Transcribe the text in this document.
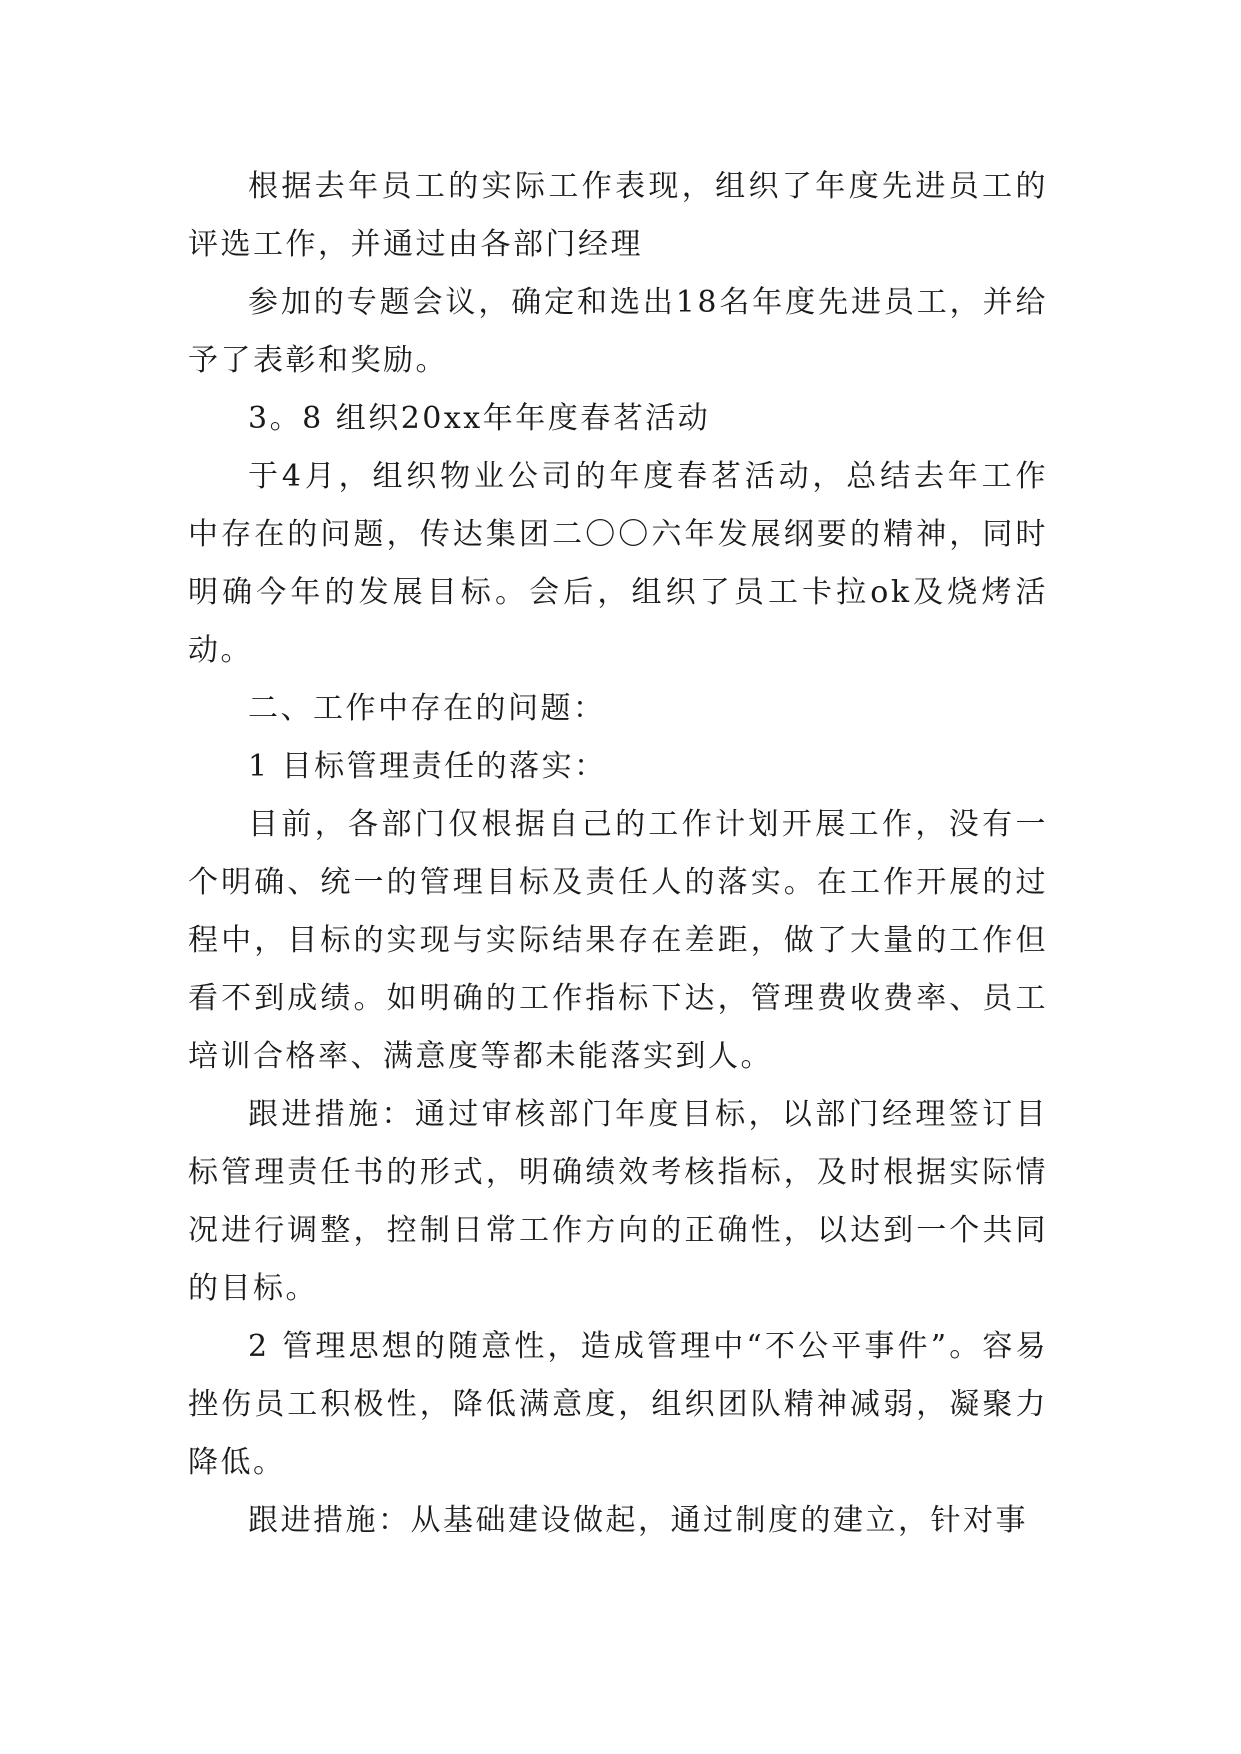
根据去年员工的实际工作表现，组织了年度先进员工的评选工作，并通过由各部门经理

参加的专题会议，确定和选出18名年度先进员工，并给予了表彰和奖励。

3。8 组织20xx年年度春茗活动

于4月，组织物业公司的年度春茗活动，总结去年工作中存在的问题，传达集团二〇〇六年发展纲要的精神，同时明确今年的发展目标。会后，组织了员工卡拉ok及烧烤活动。

二、工作中存在的问题：

1 目标管理责任的落实：

目前，各部门仅根据自己的工作计划开展工作，没有一个明确、统一的管理目标及责任人的落实。在工作开展的过程中，目标的实现与实际结果存在差距，做了大量的工作但看不到成绩。如明确的工作指标下达，管理费收费率、员工培训合格率、满意度等都未能落实到人。

跟进措施：通过审核部门年度目标，以部门经理签订目标管理责任书的形式，明确绩效考核指标，及时根据实际情况进行调整，控制日常工作方向的正确性，以达到一个共同的目标。

2 管理思想的随意性，造成管理中“不公平事件”。容易挫伤员工积极性，降低满意度，组织团队精神减弱，凝聚力降低。

跟进措施：从基础建设做起，通过制度的建立，针对事
